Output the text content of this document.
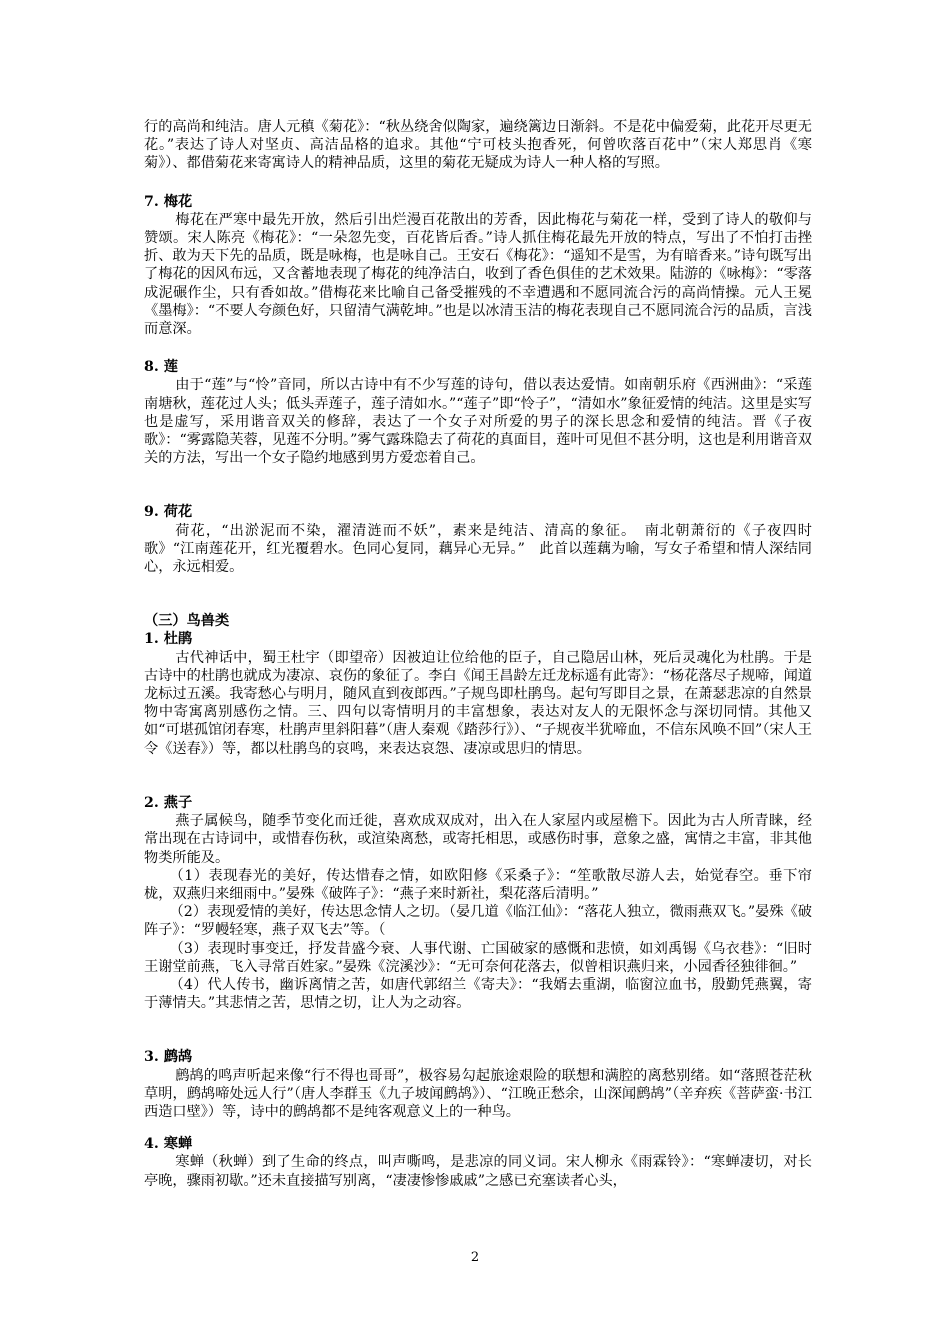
行的高尚和纯洁。唐人元稹《菊花》：“秋丛绕舍似陶家，遍绕篱边日渐斜。不是花中偏爱菊，此花开尽更无花。”表达了诗人对坚贞、高洁品格的追求。其他“宁可枝头抱香死，何曾吹落百花中”（宋人郑思肖《寒菊》）、都借菊花来寄寓诗人的精神品质，这里的菊花无疑成为诗人一种人格的写照。

7. 梅花

梅花在严寒中最先开放，然后引出烂漫百花散出的芳香，因此梅花与菊花一样，受到了诗人的敬仰与赞颂。宋人陈亮《梅花》：“一朵忽先变，百花皆后香。”诗人抓住梅花最先开放的特点，写出了不怕打击挫折、敢为天下先的品质，既是咏梅，也是咏自己。王安石《梅花》：“遥知不是雪，为有暗香来。”诗句既写出了梅花的因风布远，又含蓄地表现了梅花的纯净洁白，收到了香色俱佳的艺术效果。陆游的《咏梅》：“零落成泥碾作尘，只有香如故。”借梅花来比喻自己备受摧残的不幸遭遇和不愿同流合污的高尚情操。元人王冕《墨梅》：“不要人夸颜色好，只留清气满乾坤。”也是以冰清玉洁的梅花表现自己不愿同流合污的品质，言浅而意深。

8. 莲

由于“莲”与“怜”音同，所以古诗中有不少写莲的诗句，借以表达爱情。如南朝乐府《西洲曲》：“采莲南塘秋，莲花过人头；低头弄莲子，莲子清如水。”“莲子”即“怜子”，“清如水”象征爱情的纯洁。这里是实写也是虚写，采用谐音双关的修辞，表达了一个女子对所爱的男子的深长思念和爱情的纯洁。晋《子夜歌》：“雾露隐芙蓉，见莲不分明。”雾气露珠隐去了荷花的真面目，莲叶可见但不甚分明，这也是利用谐音双关的方法，写出一个女子隐约地感到男方爱恋着自己。

9. 荷花

荷花，“出淤泥而不染，濯清涟而不妖”，素来是纯洁、清高的象征。　南北朝萧衍的《子夜四时歌》“江南莲花开，红光覆碧水。色同心复同，藕异心无异。”　此首以莲藕为喻，写女子希望和情人深结同心，永远相爱。

（三）鸟兽类

1. 杜鹃

古代神话中，蜀王杜宇（即望帝）因被迫让位给他的臣子，自己隐居山林，死后灵魂化为杜鹃。于是古诗中的杜鹃也就成为凄凉、哀伤的象征了。李白《闻王昌龄左迁龙标遥有此寄》：“杨花落尽子规啼，闻道龙标过五溪。我寄愁心与明月，随风直到夜郎西。”子规鸟即杜鹃鸟。起句写即目之景，在萧瑟悲凉的自然景物中寄寓离别感伤之情。三、四句以寄情明月的丰富想象，表达对友人的无限怀念与深切同情。其他又如“可堪孤馆闭春寒，杜鹃声里斜阳暮”（唐人秦观《踏莎行》）、“子规夜半犹啼血，不信东风唤不回”（宋人王令《送春》）等，都以杜鹃鸟的哀鸣，来表达哀怨、凄凉或思归的情思。

2. 燕子

燕子属候鸟，随季节变化而迁徙，喜欢成双成对，出入在人家屋内或屋檐下。因此为古人所青睐，经常出现在古诗词中，或惜春伤秋，或渲染离愁，或寄托相思，或感伤时事，意象之盛，寓情之丰富，非其他物类所能及。

（1）表现春光的美好，传达惜春之情，如欧阳修《采桑子》：“笙歌散尽游人去，始觉春空。垂下帘栊，双燕归来细雨中。”晏殊《破阵子》：“燕子来时新社，梨花落后清明。”

（2）表现爱情的美好，传达思念情人之切。（晏几道《临江仙》：“落花人独立，微雨燕双飞。”晏殊《破阵子》：“罗幔轻寒，燕子双飞去”等。（

（3）表现时事变迁，抒发昔盛今衰、人事代谢、亡国破家的感慨和悲愤，如刘禹锡《乌衣巷》：“旧时王谢堂前燕，飞入寻常百姓家。”晏殊《浣溪沙》：“无可奈何花落去，似曾相识燕归来，小园香径独徘徊。”

（4）代人传书，幽诉离情之苦，如唐代郭绍兰《寄夫》：“我婿去重湖，临窗泣血书，殷勤凭燕翼，寄于薄情夫。”其悲情之苦，思情之切，让人为之动容。

3. 鹧鸪

鹧鸪的鸣声听起来像“行不得也哥哥”，极容易勾起旅途艰险的联想和满腔的离愁别绪。如“落照苍茫秋草明，鹧鸪啼处远人行”（唐人李群玉《九子坡闻鹧鸪》）、“江晚正愁余，山深闻鹧鸪”（辛弃疾《菩萨蛮·书江西造口壁》）等，诗中的鹧鸪都不是纯客观意义上的一种鸟。

4. 寒蝉

寒蝉（秋蝉）到了生命的终点，叫声嘶鸣，是悲凉的同义词。宋人柳永《雨霖铃》：“寒蝉凄切，对长亭晚，骤雨初歇。”还未直接描写别离，“凄凄惨惨戚戚”之感已充塞读者心头，

2
